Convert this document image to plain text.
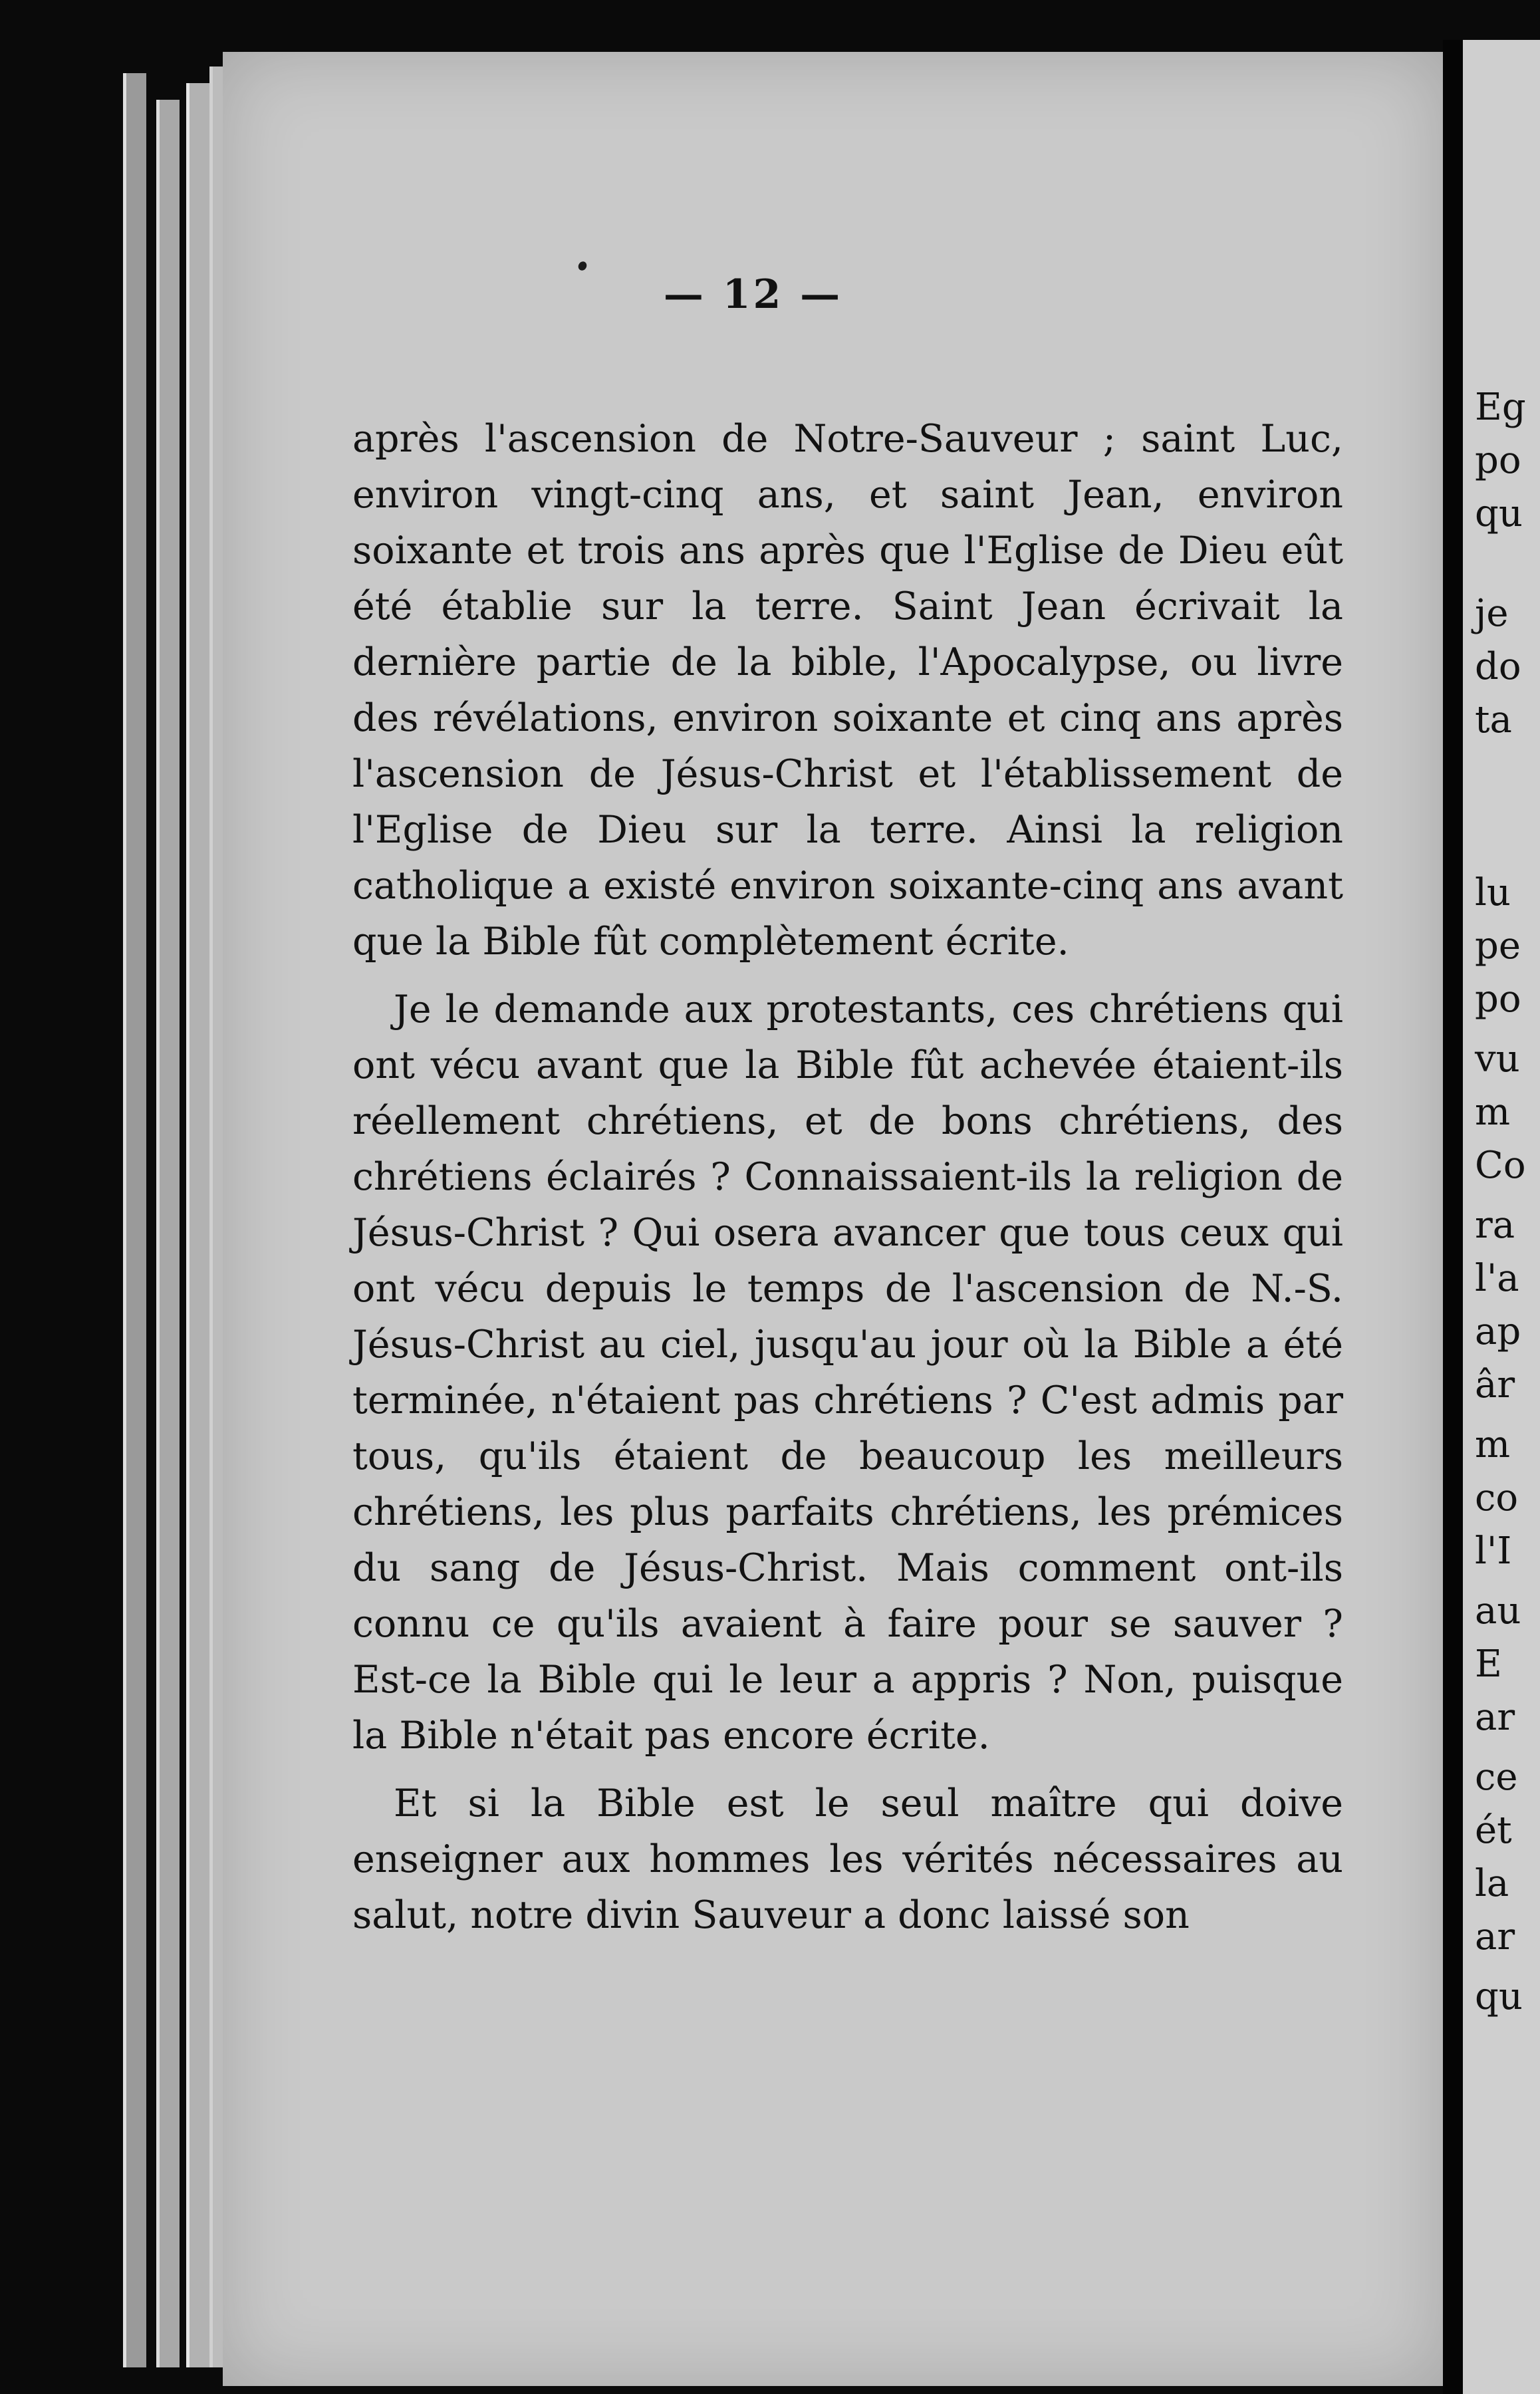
— 12 —

après l'ascension de Notre-Sauveur ; saint Luc, environ vingt-cinq ans, et saint Jean, environ soixante et trois ans après que l'Eglise de Dieu eût été établie sur la terre. Saint Jean écrivait la dernière partie de la bible, l'Apocalypse, ou livre des révélations, environ soixante et cinq ans après l'ascension de Jésus-Christ et l'établissement de l'Eglise de Dieu sur la terre. Ainsi la religion catholique a existé environ soixante-cinq ans avant que la Bible fût complètement écrite.

Je le demande aux protestants, ces chrétiens qui ont vécu avant que la Bible fût achevée étaient-ils réellement chrétiens, et de bons chrétiens, des chrétiens éclairés ? Connaissaient-ils la religion de Jésus-Christ ? Qui osera avancer que tous ceux qui ont vécu depuis le temps de l'ascension de N.-S. Jésus-Christ au ciel, jusqu'au jour où la Bible a été terminée, n'étaient pas chrétiens ? C'est admis par tous, qu'ils étaient de beaucoup les meilleurs chrétiens, les plus parfaits chrétiens, les prémices du sang de Jésus-Christ. Mais comment ont-ils connu ce qu'ils avaient à faire pour se sauver ? Est-ce la Bible qui le leur a appris ? Non, puisque la Bible n'était pas encore écrite.

Et si la Bible est le seul maître qui doive enseigner aux hommes les vérités nécessaires au salut, notre divin Sauveur a donc laissé son

Eg
po
qu
je
do
ta
lu
pe
po
vu
m
Co
ra
l'a
ap
âr
m
co
l'I
au
E
ar
ce
ét
la
ar
qu
